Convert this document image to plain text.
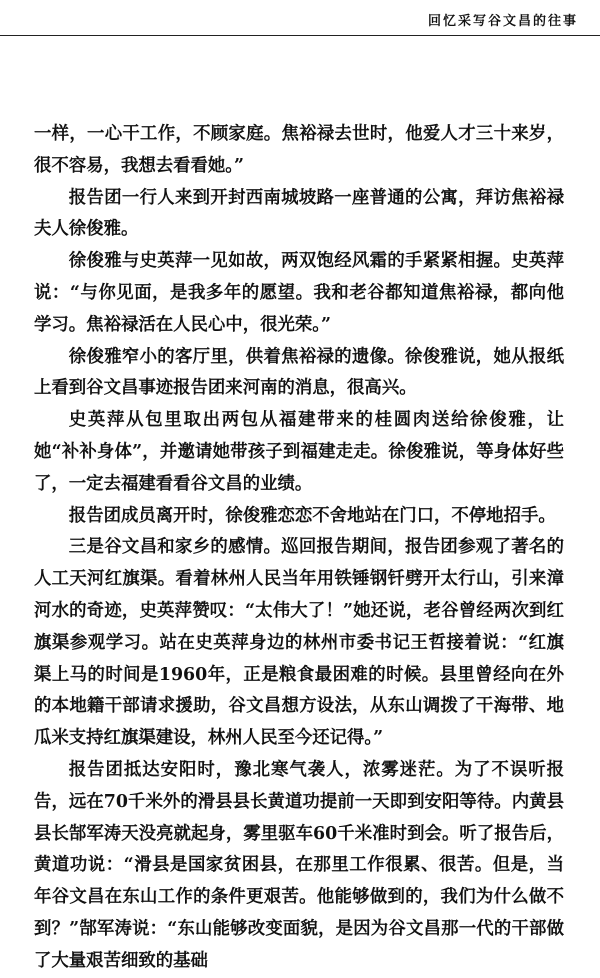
回忆采写谷文昌的往事

一样，一心干工作，不顾家庭。焦裕禄去世时，他爱人才三十来岁，很不容易，我想去看看她。”

报告团一行人来到开封西南城坡路一座普通的公寓，拜访焦裕禄夫人徐俊雅。

徐俊雅与史英萍一见如故，两双饱经风霜的手紧紧相握。史英萍说：“与你见面，是我多年的愿望。我和老谷都知道焦裕禄，都向他学习。焦裕禄活在人民心中，很光荣。”

徐俊雅窄小的客厅里，供着焦裕禄的遗像。徐俊雅说，她从报纸上看到谷文昌事迹报告团来河南的消息，很高兴。

史英萍从包里取出两包从福建带来的桂圆肉送给徐俊雅，让她“补补身体”，并邀请她带孩子到福建走走。徐俊雅说，等身体好些了，一定去福建看看谷文昌的业绩。

报告团成员离开时，徐俊雅恋恋不舍地站在门口，不停地招手。

三是谷文昌和家乡的感情。巡回报告期间，报告团参观了著名的人工天河红旗渠。看着林州人民当年用铁锤钢钎劈开太行山，引来漳河水的奇迹，史英萍赞叹：“太伟大了！”她还说，老谷曾经两次到红旗渠参观学习。站在史英萍身边的林州市委书记王哲接着说：“红旗渠上马的时间是1960年，正是粮食最困难的时候。县里曾经向在外的本地籍干部请求援助，谷文昌想方设法，从东山调拨了干海带、地瓜米支持红旗渠建设，林州人民至今还记得。”

报告团抵达安阳时，豫北寒气袭人，浓雾迷茫。为了不误听报告，远在70千米外的滑县县长黄道功提前一天即到安阳等待。内黄县县长郜军涛天没亮就起身，雾里驱车60千米准时到会。听了报告后，黄道功说：“滑县是国家贫困县，在那里工作很累、很苦。但是，当年谷文昌在东山工作的条件更艰苦。他能够做到的，我们为什么做不到？”郜军涛说：“东山能够改变面貌，是因为谷文昌那一代的干部做了大量艰苦细致的基础
